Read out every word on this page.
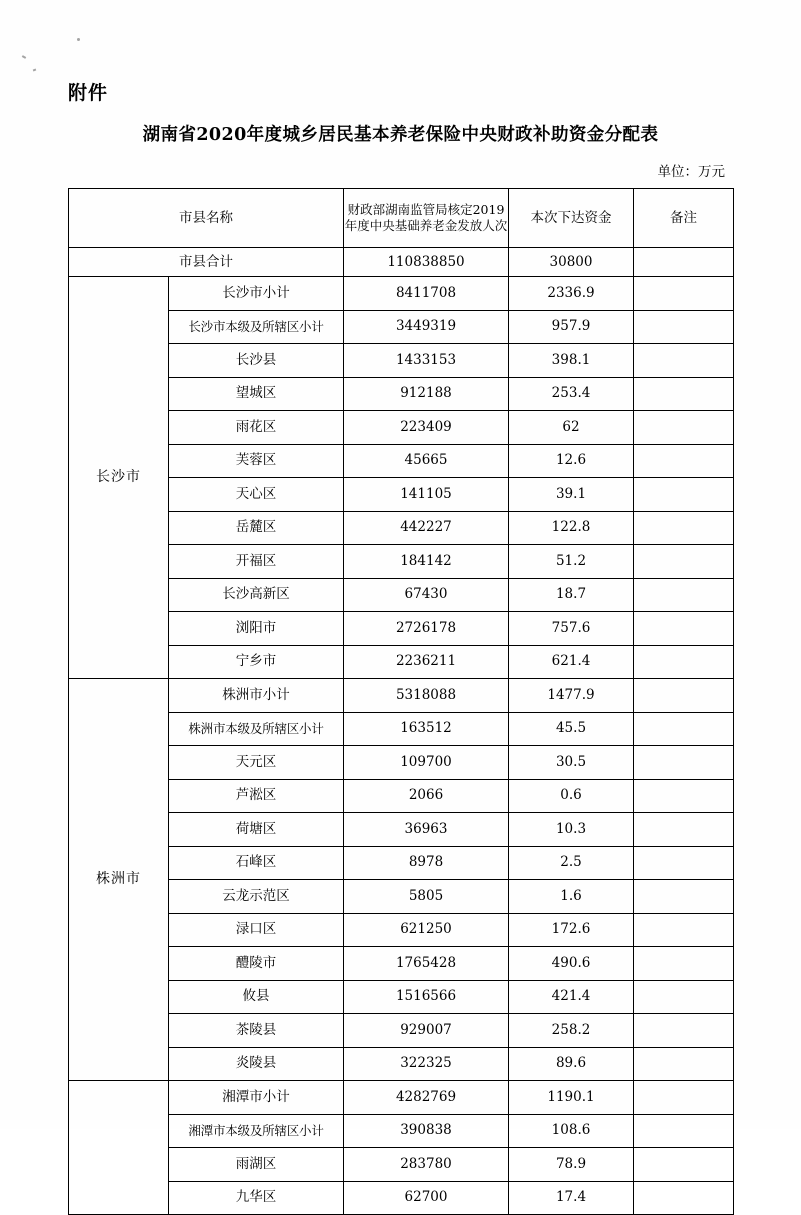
附件
湖南省2020年度城乡居民基本养老保险中央财政补助资金分配表
单位：万元
市县名称		财政部湖南监管局核定2019年度中央基础养老金发放人次	本次下达资金	备注
市县合计		110838850	30800	
长沙市	长沙市小计	8411708	2336.9	
	长沙市本级及所辖区小计	3449319	957.9	
	长沙县	1433153	398.1	
	望城区	912188	253.4	
	雨花区	223409	62	
	芙蓉区	45665	12.6	
	天心区	141105	39.1	
	岳麓区	442227	122.8	
	开福区	184142	51.2	
	长沙高新区	67430	18.7	
	浏阳市	2726178	757.6	
	宁乡市	2236211	621.4	
株洲市	株洲市小计	5318088	1477.9	
	株洲市本级及所辖区小计	163512	45.5	
	天元区	109700	30.5	
	芦淞区	2066	0.6	
	荷塘区	36963	10.3	
	石峰区	8978	2.5	
	云龙示范区	5805	1.6	
	渌口区	621250	172.6	
	醴陵市	1765428	490.6	
	攸县	1516566	421.4	
	茶陵县	929007	258.2	
	炎陵县	322325	89.6	
	湘潭市小计	4282769	1190.1	
	湘潭市本级及所辖区小计	390838	108.6	
	雨湖区	283780	78.9	
	九华区	62700	17.4	
